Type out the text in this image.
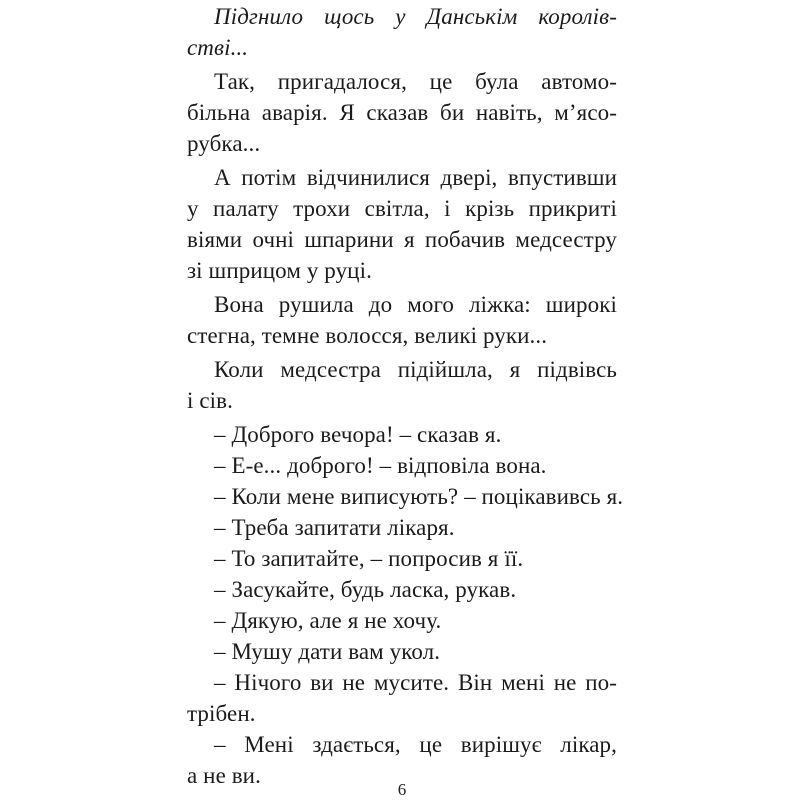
Підгнило щось у Данськім королів-
стві...
Так, пригадалося, це була автомо-
більна аварія. Я сказав би навіть, м’ясо-
рубка...
А потім відчинилися двері, впустивши
у палату трохи світла, і крізь прикриті
віями очні шпарини я побачив медсестру
зі шприцом у руці.
Вона рушила до мого ліжка: широкі
стегна, темне волосся, великі руки...
Коли медсестра підійшла, я підвівсь
і сів.
– Доброго вечора! – сказав я.
– Е-е... доброго! – відповіла вона.
– Коли мене виписують? – поцікавивсь я.
– Треба запитати лікаря.
– То запитайте, – попросив я її.
– Засукайте, будь ласка, рукав.
– Дякую, але я не хочу.
– Мушу дати вам укол.
– Нічого ви не мусите. Він мені не по-
трібен.
– Мені здається, це вирішує лікар,
а не ви.
6
